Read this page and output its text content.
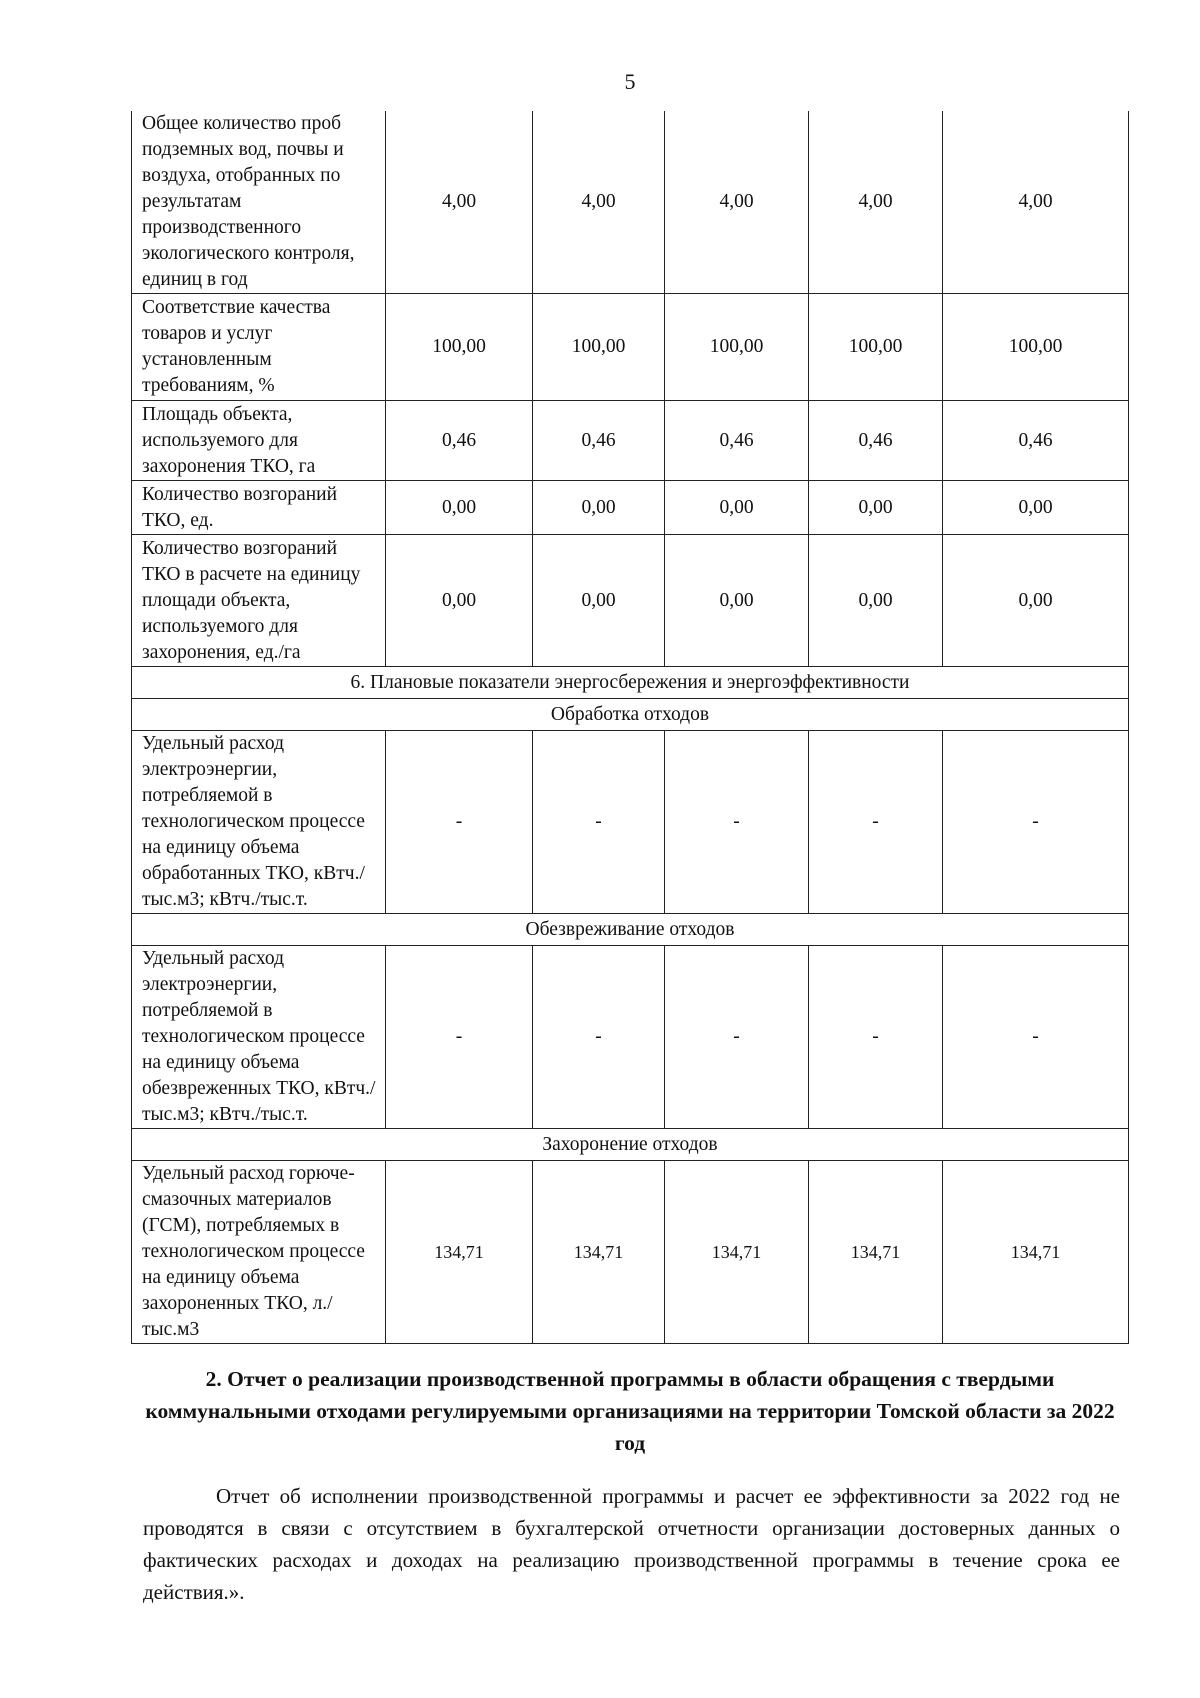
5
Общее количество проб подземных вод, почвы и воздуха, отобранных по результатам производственного экологического контроля, единиц в год	4,00	4,00	4,00	4,00	4,00
Соответствие качества товаров и услуг установленным требованиям, %	100,00	100,00	100,00	100,00	100,00
Площадь объекта, используемого для захоронения ТКО, га	0,46	0,46	0,46	0,46	0,46
Количество возгораний ТКО, ед.	0,00	0,00	0,00	0,00	0,00
Количество возгораний ТКО в расчете на единицу площади объекта, используемого для захоронения, ед./га	0,00	0,00	0,00	0,00	0,00
6. Плановые показатели энергосбережения и энергоэффективности					
Обработка отходов					
Удельный расход электроэнергии, потребляемой в технологическом процессе на единицу объема обработанных ТКО, кВтч./тыс.м3; кВтч./тыс.т.	-	-	-	-	-
Обезвреживание отходов					
Удельный расход электроэнергии, потребляемой в технологическом процессе на единицу объема обезвреженных ТКО, кВтч./тыс.м3; кВтч./тыс.т.	-	-	-	-	-
Захоронение отходов					
Удельный расход горюче-смазочных материалов (ГСМ), потребляемых в технологическом процессе на единицу объема захороненных ТКО, л./тыс.м3	134,71	134,71	134,71	134,71	134,71
2. Отчет о реализации производственной программы в области обращения с твердыми коммунальными отходами регулируемыми организациями на территории Томской области за 2022 год
Отчет об исполнении производственной программы и расчет ее эффективности за 2022 год не проводятся в связи с отсутствием в бухгалтерской отчетности организации достоверных данных о фактических расходах и доходах на реализацию производственной программы в течение срока ее действия.».
